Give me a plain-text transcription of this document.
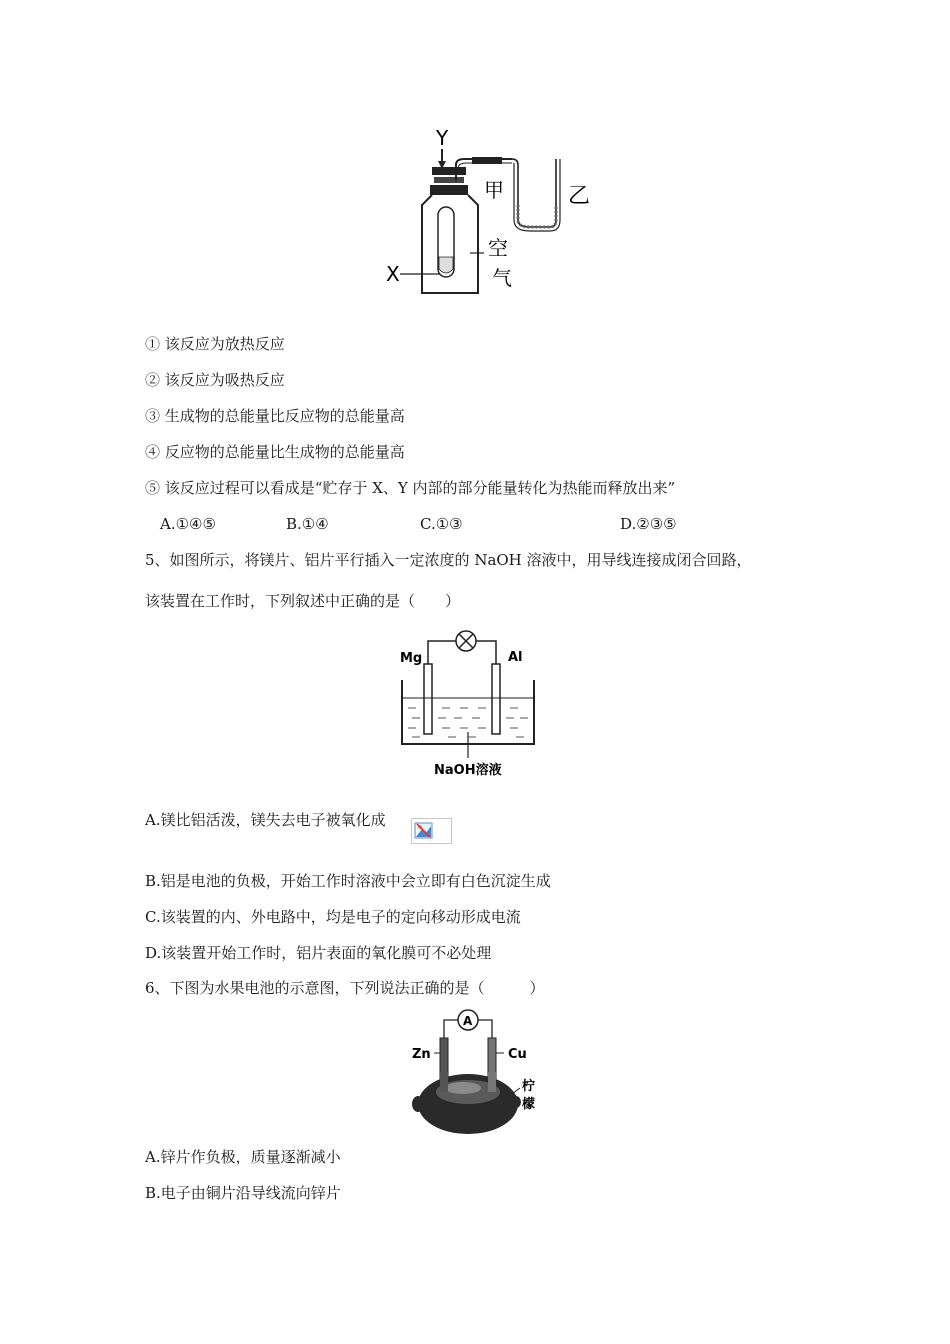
Y
甲	乙
空
气
X
① 该反应为放热反应
② 该反应为吸热反应
③ 生成物的总能量比反应物的总能量高
④ 反应物的总能量比生成物的总能量高
⑤ 该反应过程可以看成是“贮存于 X、Y 内部的部分能量转化为热能而释放出来”
A.①④⑤	B.①④	C.①③	D.②③⑤
5、如图所示，将镁片、铝片平行插入一定浓度的 NaOH 溶液中，用导线连接成闭合回路，
该装置在工作时，下列叙述中正确的是（　　）
Mg	Al
NaOH溶液
A.镁比铝活泼，镁失去电子被氧化成
B.铝是电池的负极，开始工作时溶液中会立即有白色沉淀生成
C.该装置的内、外电路中，均是电子的定向移动形成电流
D.该装置开始工作时，铝片表面的氧化膜可不必处理
6、下图为水果电池的示意图，下列说法正确的是（　　　）
A
Zn	Cu
柠
檬
A.锌片作负极，质量逐渐减小
B.电子由铜片沿导线流向锌片
